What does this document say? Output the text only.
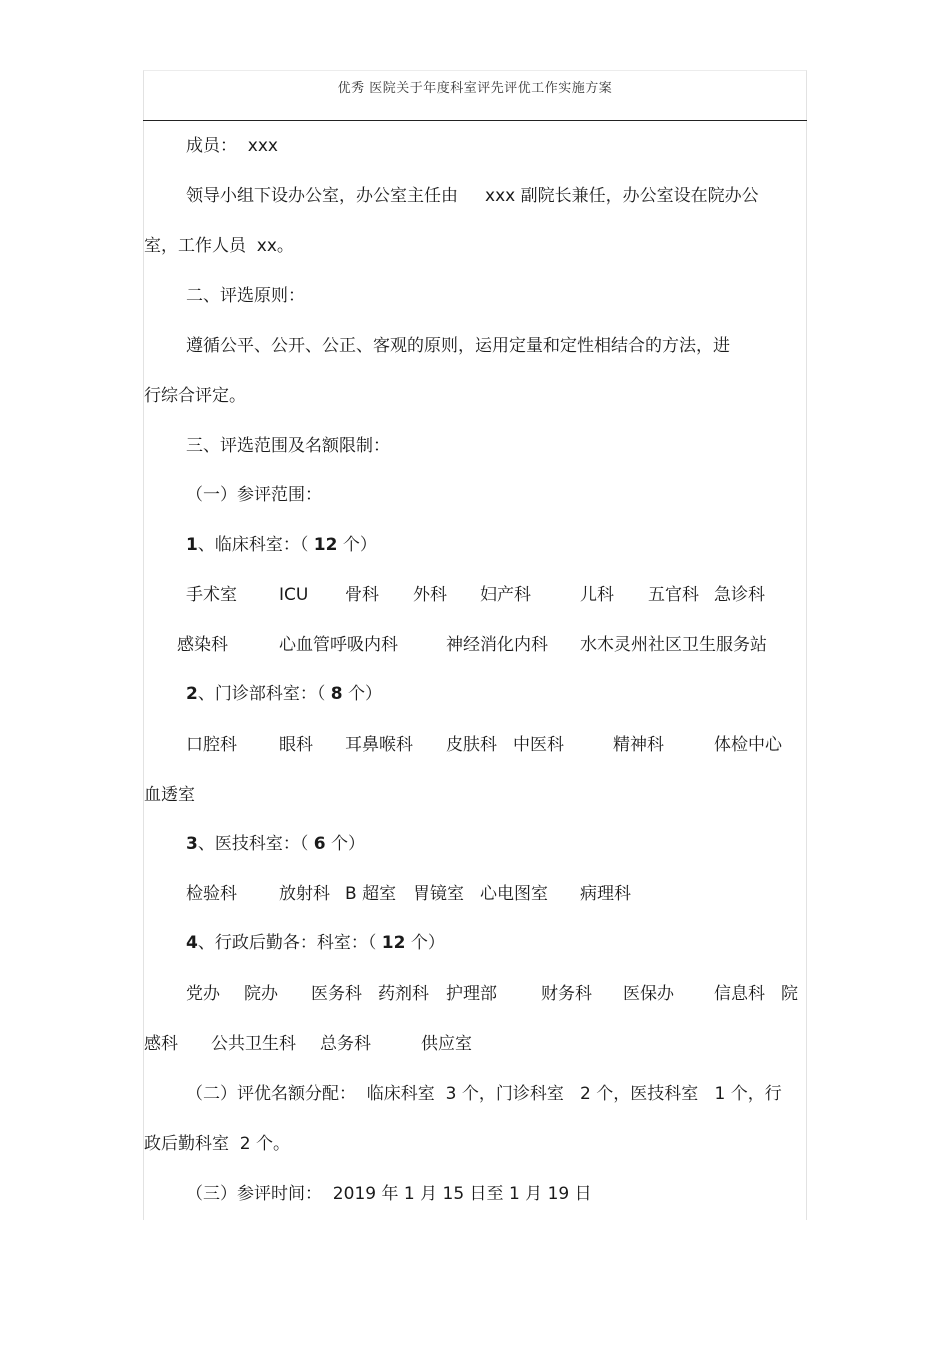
优秀 医院关于年度科室评先评优工作实施方案
成员：  xxx
领导小组下设办公室，办公室主任由     xxx 副院长兼任，办公室设在院办公
室，工作人员  xx。
二、评选原则：
遵循公平、公开、公正、客观的原则，运用定量和定性相结合的方法，进
行综合评定。
三、评选范围及名额限制：
（一）参评范围：
1、临床科室：（ 12 个）
手术室 ICU 骨科 外科 妇产科	儿科 五官科 急诊科
感染科	心血管呼吸内科	神经消化内科 水木灵州社区卫生服务站
2、门诊部科室：（ 8 个）
口腔科 眼科 耳鼻喉科 皮肤科 中医科	精神科	体检中心
血透室
3、医技科室：（ 6 个）
检验科 放射科 B 超室 胃镜室 心电图室 病理科
4、行政后勤各：科室：（ 12 个）
党办 院办 医务科 药剂科 护理部	财务科 医保办 信息科 院
感科 公共卫生科 总务科	供应室
（二）评优名额分配：  临床科室  3 个，门诊科室   2 个，医技科室   1 个，行
政后勤科室  2 个。
（三）参评时间：  2019 年 1 月 15 日至 1 月 19 日
